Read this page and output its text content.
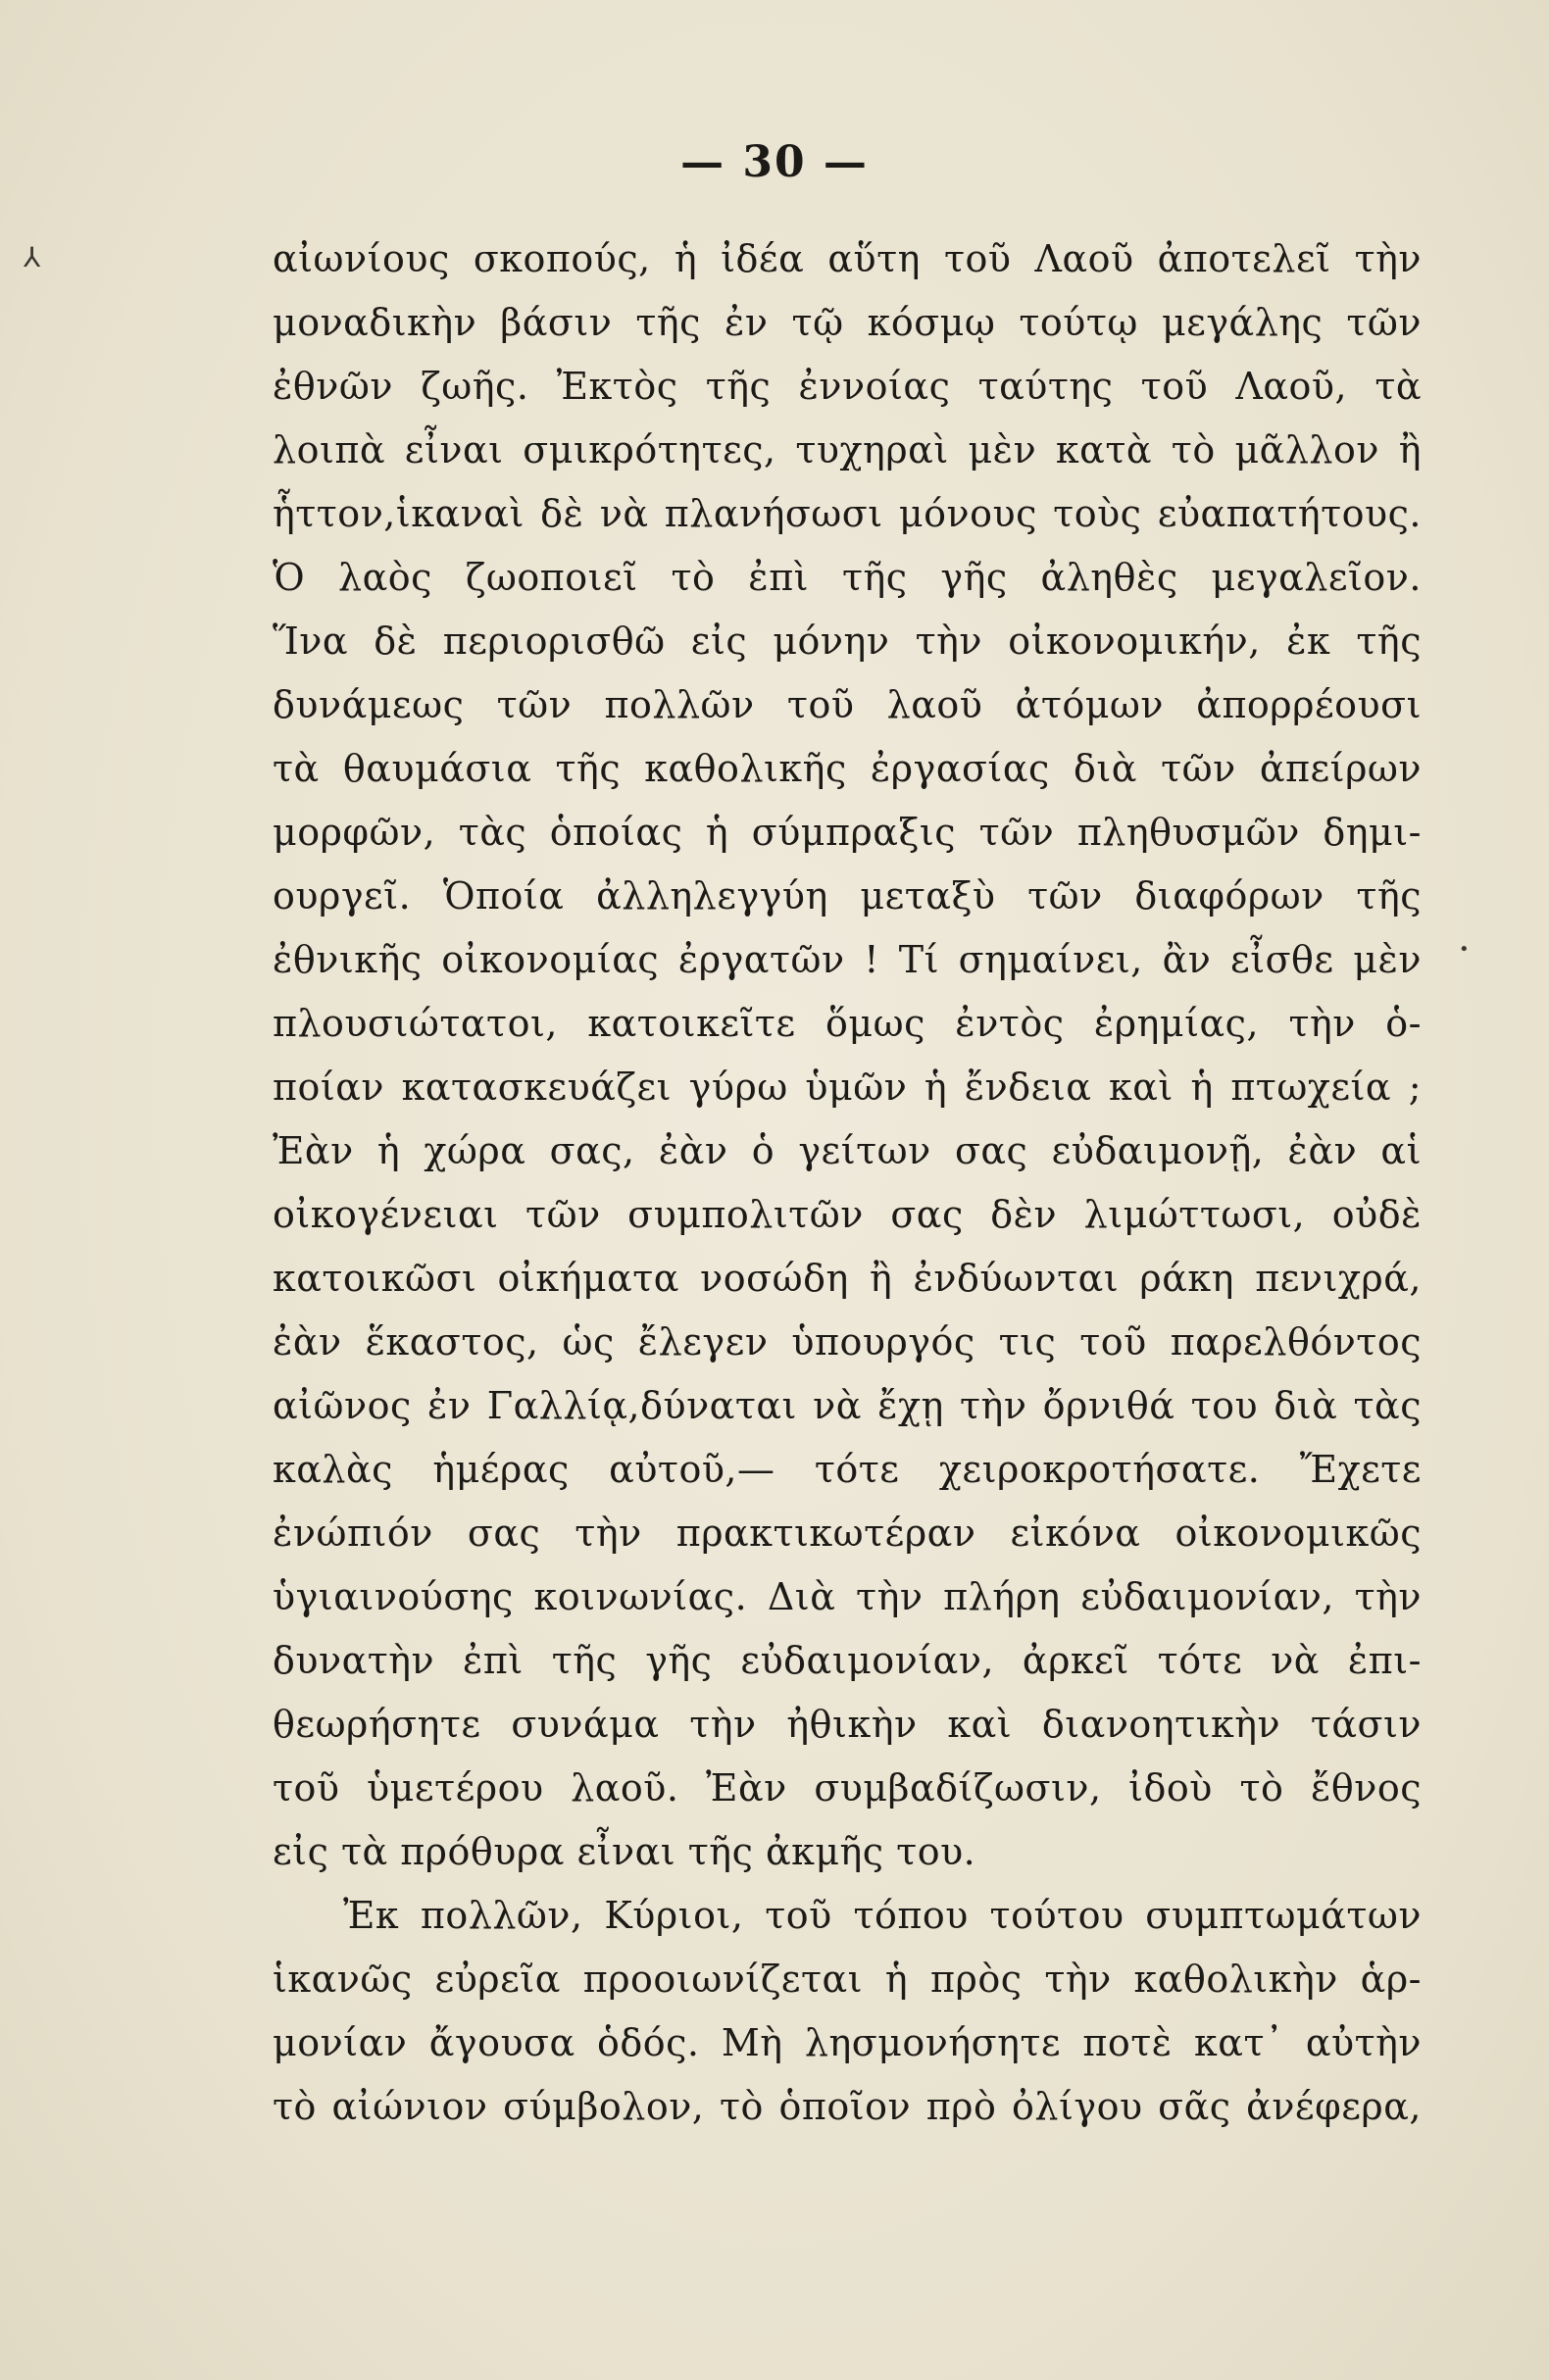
— 30 —
⅄
•
αἰωνίους σκοπούς, ἡ ἰδέα αὕτη τοῦ Λαοῦ ἀποτελεῖ τὴν
μοναδικὴν βάσιν τῆς ἐν τῷ κόσμῳ τούτῳ μεγάλης τῶν
ἐθνῶν ζωῆς. Ἐκτὸς τῆς ἐννοίας ταύτης τοῦ Λαοῦ, τὰ
λοιπὰ εἶναι σμικρότητες, τυχηραὶ μὲν κατὰ τὸ μᾶλλον ἢ
ἧττον,ἱκαναὶ δὲ νὰ πλανήσωσι μόνους τοὺς εὐαπατήτους.
Ὁ λαὸς ζωοποιεῖ τὸ ἐπὶ τῆς γῆς ἀληθὲς μεγαλεῖον.
Ἵνα δὲ περιορισθῶ εἰς μόνην τὴν οἰκονομικήν, ἐκ τῆς
δυνάμεως τῶν πολλῶν τοῦ λαοῦ ἀτόμων ἀπορρέουσι
τὰ θαυμάσια τῆς καθολικῆς ἐργασίας διὰ τῶν ἀπείρων
μορφῶν, τὰς ὁποίας ἡ σύμπραξις τῶν πληθυσμῶν δημι-
ουργεῖ. Ὁποία ἀλληλεγγύη μεταξὺ τῶν διαφόρων τῆς
ἐθνικῆς οἰκονομίας ἐργατῶν ! Τί σημαίνει, ἂν εἶσθε μὲν
πλουσιώτατοι, κατοικεῖτε ὅμως ἐντὸς ἐρημίας, τὴν ὁ-
ποίαν κατασκευάζει γύρω ὑμῶν ἡ ἔνδεια καὶ ἡ πτωχεία ;
Ἐὰν ἡ χώρα σας, ἐὰν ὁ γείτων σας εὐδαιμονῇ, ἐὰν αἱ
οἰκογένειαι τῶν συμπολιτῶν σας δὲν λιμώττωσι, οὐδὲ
κατοικῶσι οἰκήματα νοσώδη ἢ ἐνδύωνται ράκη πενιχρά,
ἐὰν ἕκαστος, ὡς ἔλεγεν ὑπουργός τις τοῦ παρελθόντος
αἰῶνος ἐν Γαλλίᾳ,δύναται νὰ ἔχῃ τὴν ὄρνιθά του διὰ τὰς
καλὰς ἡμέρας αὐτοῦ,— τότε χειροκροτήσατε. Ἔχετε
ἐνώπιόν σας τὴν πρακτικωτέραν εἰκόνα οἰκονομικῶς
ὑγιαινούσης κοινωνίας. Διὰ τὴν πλήρη εὐδαιμονίαν, τὴν
δυνατὴν ἐπὶ τῆς γῆς εὐδαιμονίαν, ἀρκεῖ τότε νὰ ἐπι-
θεωρήσητε συνάμα τὴν ἠθικὴν καὶ διανοητικὴν τάσιν
τοῦ ὑμετέρου λαοῦ. Ἐὰν συμβαδίζωσιν, ἰδοὺ τὸ ἔθνος
εἰς τὰ πρόθυρα εἶναι τῆς ἀκμῆς του.
Ἐκ πολλῶν, Κύριοι, τοῦ τόπου τούτου συμπτωμάτων
ἱκανῶς εὐρεῖα προοιωνίζεται ἡ πρὸς τὴν καθολικὴν ἁρ-
μονίαν ἄγουσα ὁδός. Μὴ λησμονήσητε ποτὲ κατ᾽ αὐτὴν
τὸ αἰώνιον σύμβολον, τὸ ὁποῖον πρὸ ὀλίγου σᾶς ἀνέφερα,
